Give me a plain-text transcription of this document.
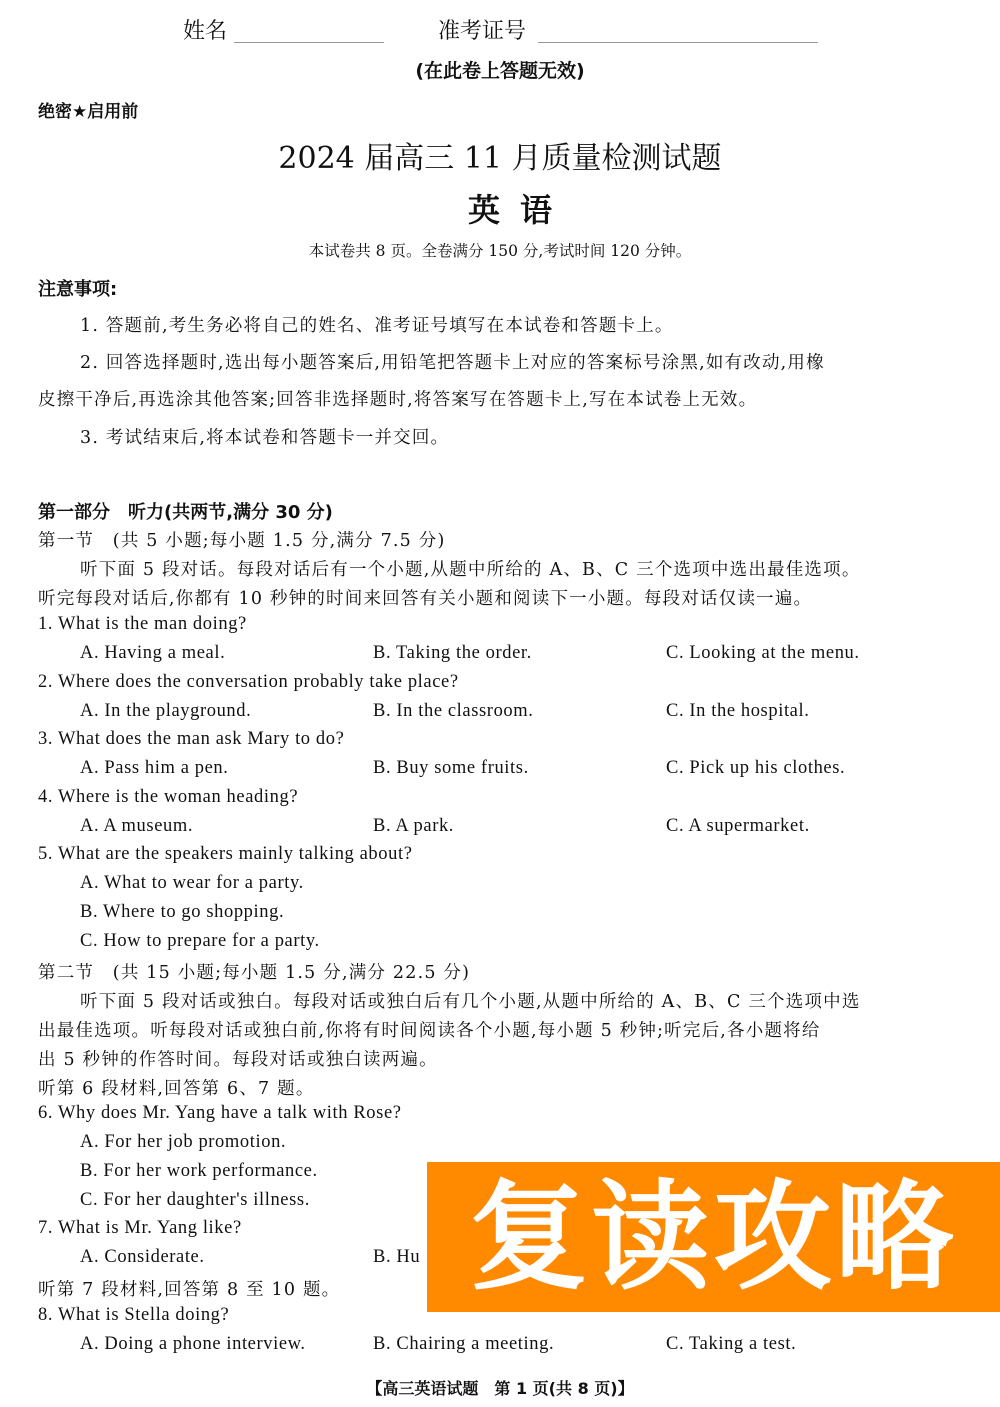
姓名	准考证号
(在此卷上答题无效)
绝密★启用前
2024 届高三 11 月质量检测试题
英语
本试卷共 8 页。全卷满分 150 分,考试时间 120 分钟。
注意事项:
1. 答题前,考生务必将自己的姓名、准考证号填写在本试卷和答题卡上。
2. 回答选择题时,选出每小题答案后,用铅笔把答题卡上对应的答案标号涂黑,如有改动,用橡
皮擦干净后,再选涂其他答案;回答非选择题时,将答案写在答题卡上,写在本试卷上无效。
3. 考试结束后,将本试卷和答题卡一并交回。
第一部分　听力(共两节,满分 30 分)
第一节　(共 5 小题;每小题 1.5 分,满分 7.5 分)
听下面 5 段对话。每段对话后有一个小题,从题中所给的 A、B、C 三个选项中选出最佳选项。
听完每段对话后,你都有 10 秒钟的时间来回答有关小题和阅读下一小题。每段对话仅读一遍。
1. What is the man doing?
A. Having a meal.	B. Taking the order.	C. Looking at the menu.
2. Where does the conversation probably take place?
A. In the playground.	B. In the classroom.	C. In the hospital.
3. What does the man ask Mary to do?
A. Pass him a pen.	B. Buy some fruits.	C. Pick up his clothes.
4. Where is the woman heading?
A. A museum.	B. A park.	C. A supermarket.
5. What are the speakers mainly talking about?
A. What to wear for a party.
B. Where to go shopping.
C. How to prepare for a party.
第二节　(共 15 小题;每小题 1.5 分,满分 22.5 分)
听下面 5 段对话或独白。每段对话或独白后有几个小题,从题中所给的 A、B、C 三个选项中选
出最佳选项。听每段对话或独白前,你将有时间阅读各个小题,每小题 5 秒钟;听完后,各小题将给
出 5 秒钟的作答时间。每段对话或独白读两遍。
听第 6 段材料,回答第 6、7 题。
6. Why does Mr. Yang have a talk with Rose?
A. For her job promotion.
B. For her work performance.
C. For her daughter's illness.
7. What is Mr. Yang like?
A. Considerate.	B. Hu
听第 7 段材料,回答第 8 至 10 题。	复读攻略
8. What is Stella doing?
A. Doing a phone interview.	B. Chairing a meeting.	C. Taking a test.
【高三英语试题　第 1 页(共 8 页)】
